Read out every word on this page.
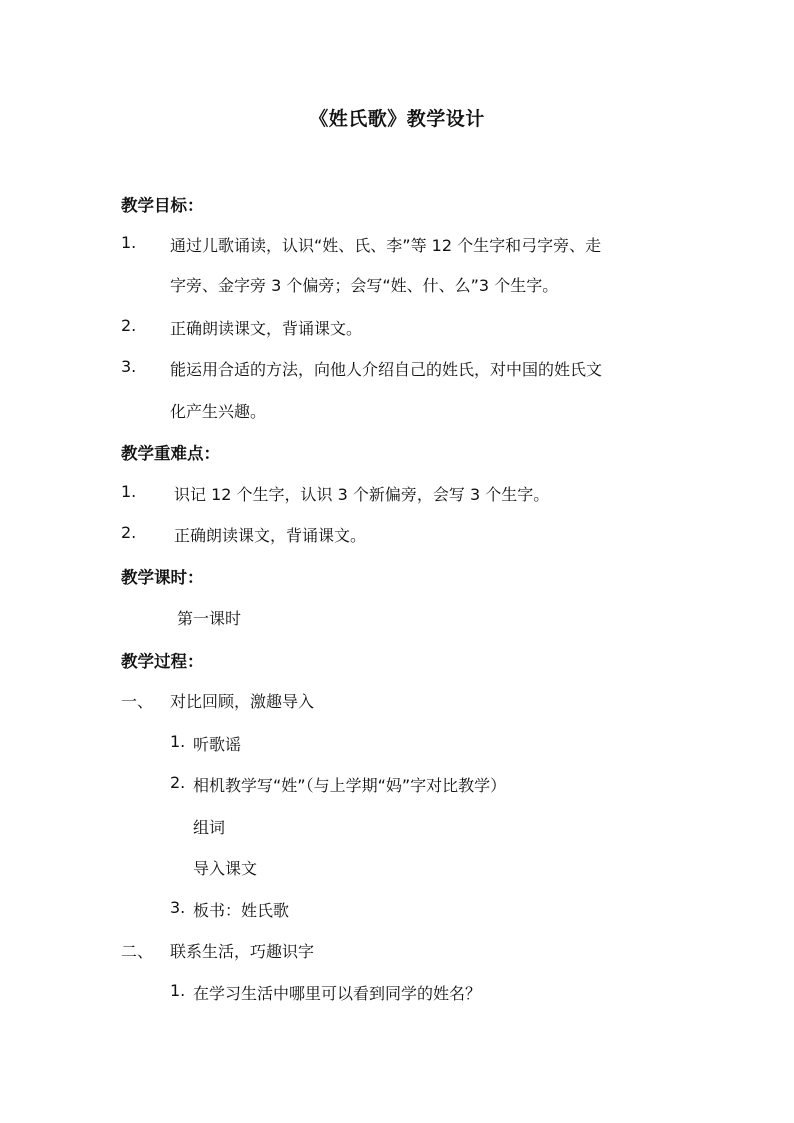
《姓氏歌》教学设计
教学目标：
1. 通过儿歌诵读，认识“姓、氏、李”等 12 个生字和弓字旁、走
字旁、金字旁 3 个偏旁；会写“姓、什、么”3 个生字。
2. 正确朗读课文，背诵课文。
3. 能运用合适的方法，向他人介绍自己的姓氏，对中国的姓氏文
化产生兴趣。
教学重难点：
1. 识记 12 个生字，认识 3 个新偏旁，会写 3 个生字。
2. 正确朗读课文，背诵课文。
教学课时：
第一课时
教学过程：
一、 对比回顾，激趣导入
1. 听歌谣
2. 相机教学写“姓”（与上学期“妈”字对比教学）
组词
导入课文
3. 板书：姓氏歌
二、 联系生活，巧趣识字
1. 在学习生活中哪里可以看到同学的姓名？
